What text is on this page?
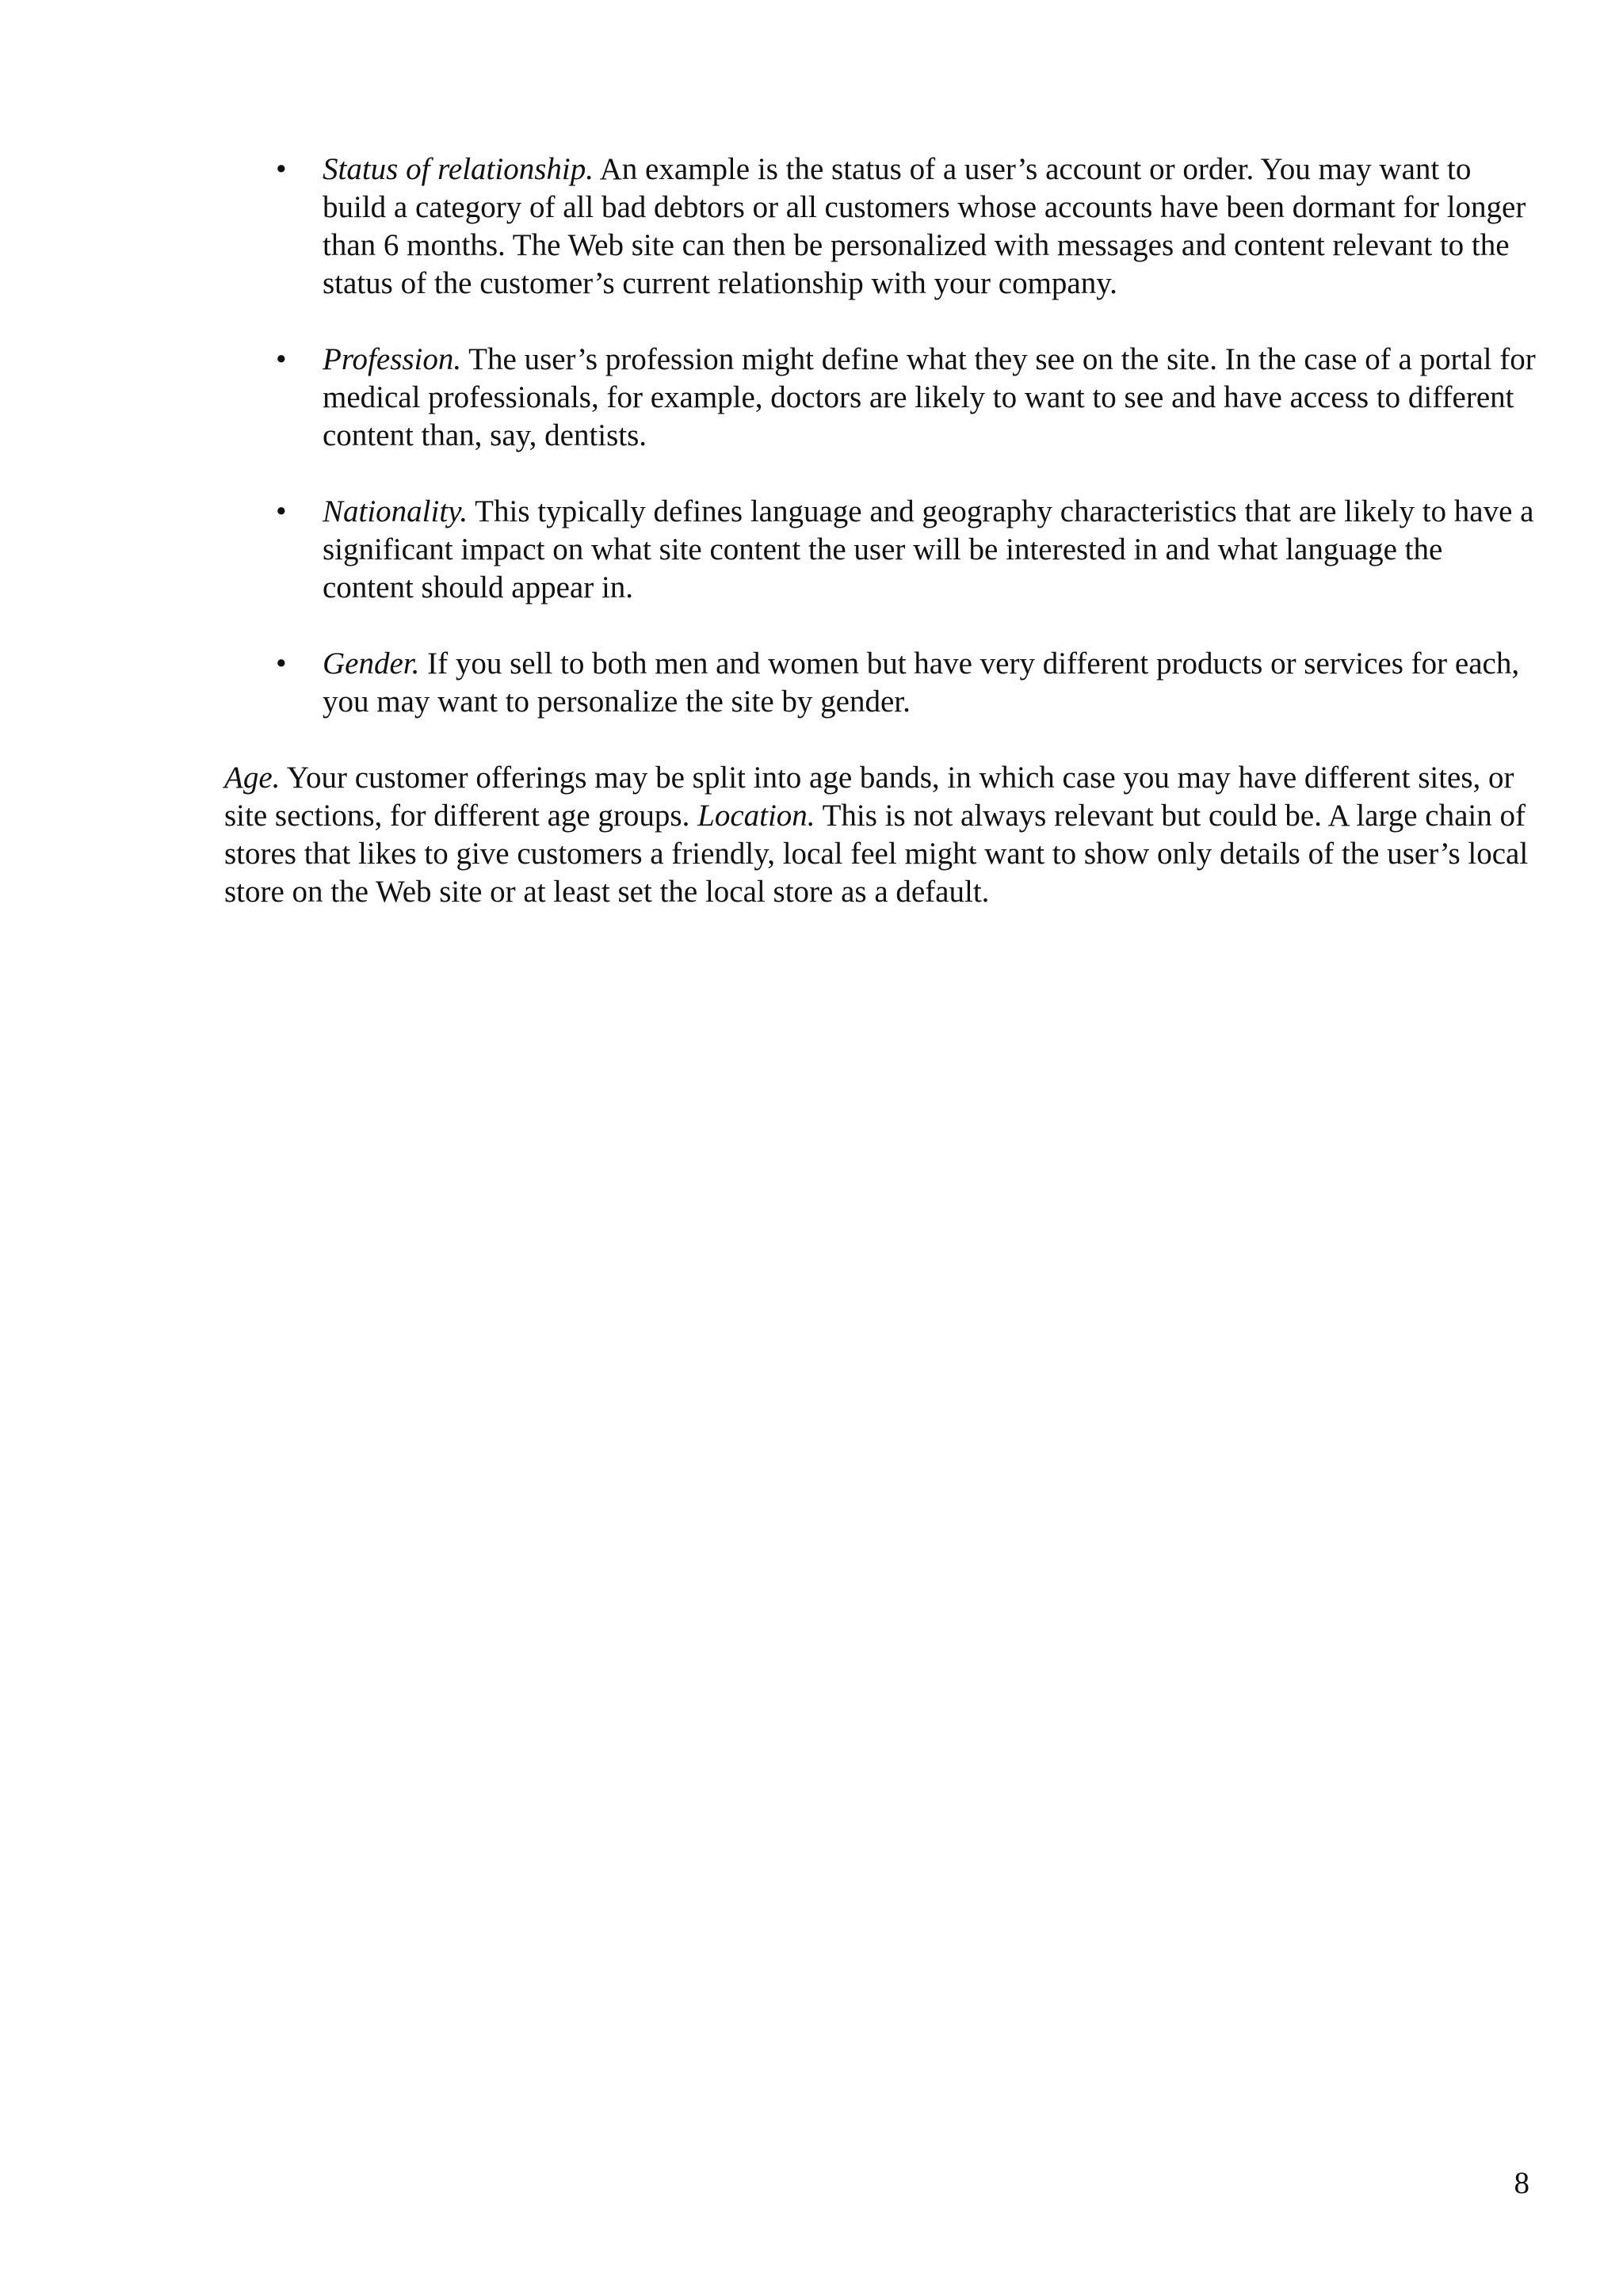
• Status of relationship. An example is the status of a user’s account or order. You may want to build a category of all bad debtors or all customers whose accounts have been dormant for longer than 6 months. The Web site can then be personalized with messages and content relevant to the status of the customer’s current relationship with your company.
• Profession. The user’s profession might define what they see on the site. In the case of a portal for medical professionals, for example, doctors are likely to want to see and have access to different content than, say, dentists.
• Nationality. This typically defines language and geography characteristics that are likely to have a significant impact on what site content the user will be interested in and what language the content should appear in.
• Gender. If you sell to both men and women but have very different products or services for each, you may want to personalize the site by gender.

Age. Your customer offerings may be split into age bands, in which case you may have different sites, or site sections, for different age groups. Location. This is not always relevant but could be. A large chain of stores that likes to give customers a friendly, local feel might want to show only details of the user’s local store on the Web site or at least set the local store as a default.

8
